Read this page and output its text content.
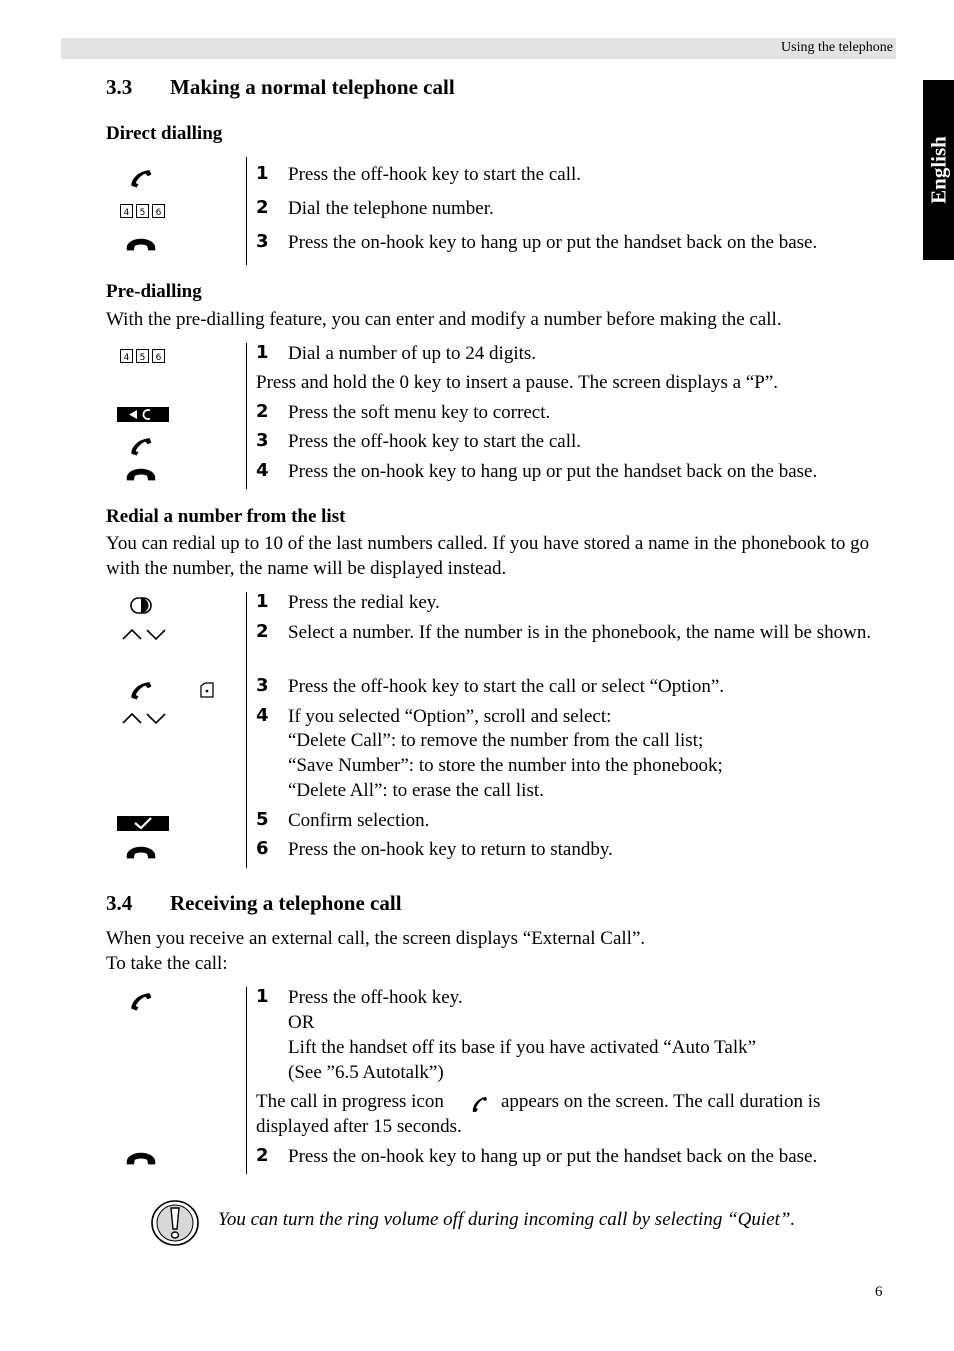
Using the telephone
English
3.3 Making a normal telephone call
Direct dialling
4 5 6
1 Press the off-hook key to start the call.
2 Dial the telephone number.
3 Press the on-hook key to hang up or put the handset back on the base.
Pre-dialling
With the pre-dialling feature, you can enter and modify a number before making the call.
4 5 6	1 Dial a number of up to 24 digits.
Press and hold the 0 key to insert a pause. The screen displays a “P”.
2 Press the soft menu key to correct.
3 Press the off-hook key to start the call.
4 Press the on-hook key to hang up or put the handset back on the base.
Redial a number from the list
You can redial up to 10 of the last numbers called. If you have stored a name in the phonebook to go with the number, the name will be displayed instead.
1 Press the redial key.
2 Select a number. If the number is in the phonebook, the name will be shown.
3 Press the off-hook key to start the call or select “Option”.
4 If you selected “Option”, scroll and select:
“Delete Call”: to remove the number from the call list;
“Save Number”: to store the number into the phonebook;
“Delete All”: to erase the call list.
5 Confirm selection.
6 Press the on-hook key to return to standby.
3.4 Receiving a telephone call
When you receive an external call, the screen displays “External Call”.
To take the call:
1 Press the off-hook key.
OR
Lift the handset off its base if you have activated “Auto Talk”
(See ”6.5 Autotalk”)
The call in progress icon	appears on the screen. The call duration is
displayed after 15 seconds.
2 Press the on-hook key to hang up or put the handset back on the base.
You can turn the ring volume off during incoming call by selecting “Quiet”.
6
